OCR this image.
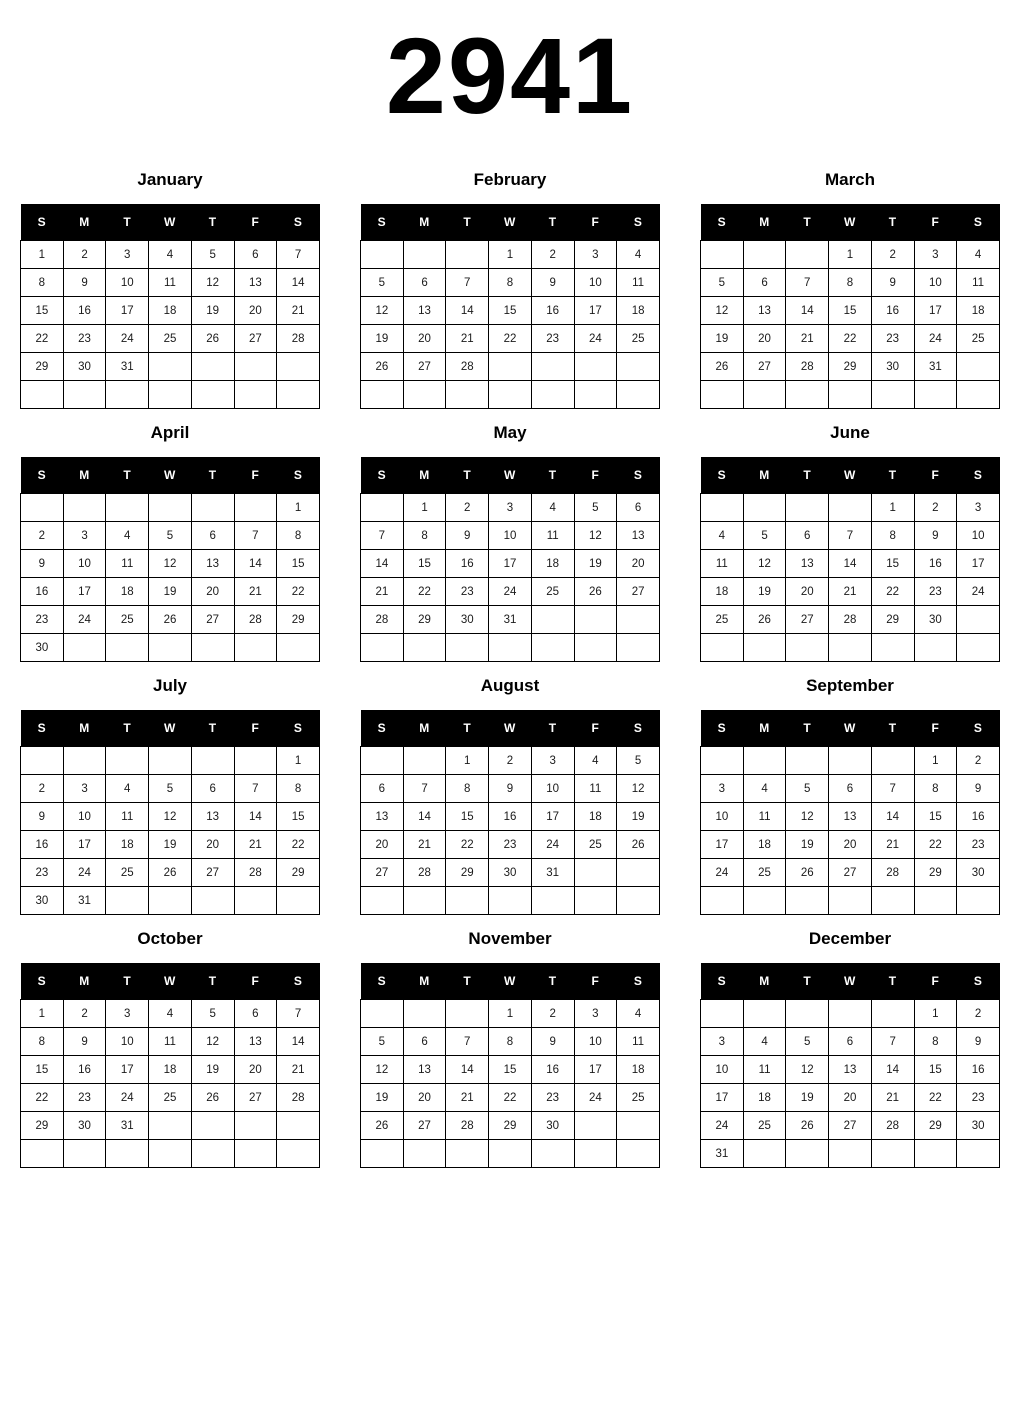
2941
January
S	M	T	W	T	F	S
1	2	3	4	5	6	7
8	9	10	11	12	13	14
15	16	17	18	19	20	21
22	23	24	25	26	27	28
29	30	31				

February
S	M	T	W	T	F	S
			1	2	3	4
5	6	7	8	9	10	11
12	13	14	15	16	17	18
19	20	21	22	23	24	25
26	27	28				

March
S	M	T	W	T	F	S
			1	2	3	4
5	6	7	8	9	10	11
12	13	14	15	16	17	18
19	20	21	22	23	24	25
26	27	28	29	30	31	

April
S	M	T	W	T	F	S
						1
2	3	4	5	6	7	8
9	10	11	12	13	14	15
16	17	18	19	20	21	22
23	24	25	26	27	28	29
30						
May
S	M	T	W	T	F	S
	1	2	3	4	5	6
7	8	9	10	11	12	13
14	15	16	17	18	19	20
21	22	23	24	25	26	27
28	29	30	31			

June
S	M	T	W	T	F	S
				1	2	3
4	5	6	7	8	9	10
11	12	13	14	15	16	17
18	19	20	21	22	23	24
25	26	27	28	29	30	

July
S	M	T	W	T	F	S
						1
2	3	4	5	6	7	8
9	10	11	12	13	14	15
16	17	18	19	20	21	22
23	24	25	26	27	28	29
30	31					
August
S	M	T	W	T	F	S
		1	2	3	4	5
6	7	8	9	10	11	12
13	14	15	16	17	18	19
20	21	22	23	24	25	26
27	28	29	30	31		

September
S	M	T	W	T	F	S
					1	2
3	4	5	6	7	8	9
10	11	12	13	14	15	16
17	18	19	20	21	22	23
24	25	26	27	28	29	30

October
S	M	T	W	T	F	S
1	2	3	4	5	6	7
8	9	10	11	12	13	14
15	16	17	18	19	20	21
22	23	24	25	26	27	28
29	30	31				

November
S	M	T	W	T	F	S
			1	2	3	4
5	6	7	8	9	10	11
12	13	14	15	16	17	18
19	20	21	22	23	24	25
26	27	28	29	30		

December
S	M	T	W	T	F	S
					1	2
3	4	5	6	7	8	9
10	11	12	13	14	15	16
17	18	19	20	21	22	23
24	25	26	27	28	29	30
31						
